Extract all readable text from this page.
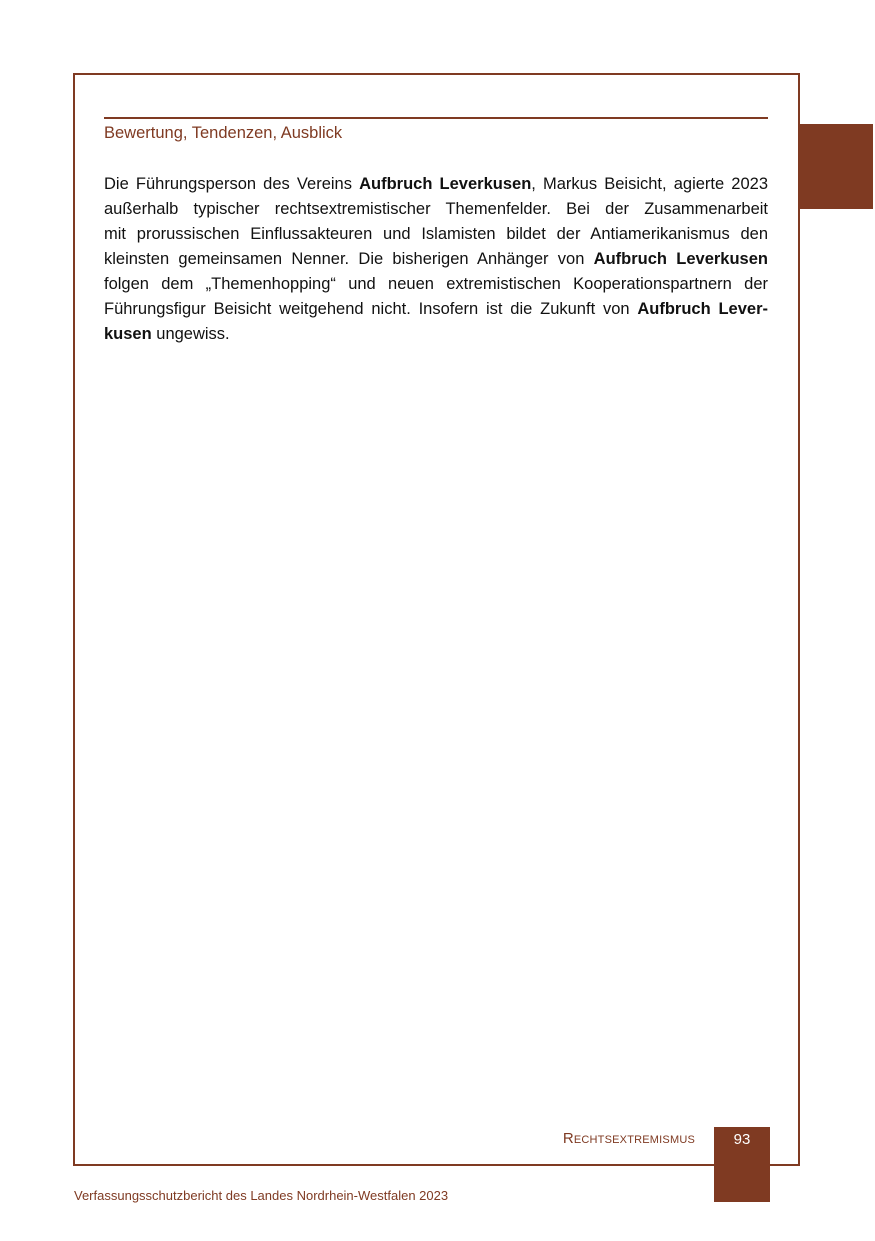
Bewertung, Tendenzen, Ausblick

Die Führungsperson des Vereins Aufbruch Leverkusen, Markus Beisicht, agierte 2023
außerhalb typischer rechtsextremistischer Themenfelder. Bei der Zusammenarbeit
mit prorussischen Einflussakteuren und Islamisten bildet der Antiamerikanismus den
kleinsten gemeinsamen Nenner. Die bisherigen Anhänger von Aufbruch Leverkusen
folgen dem „Themenhopping“ und neuen extremistischen Kooperationspartnern der
Führungsfigur Beisicht weitgehend nicht. Insofern ist die Zukunft von Aufbruch Lever-
kusen ungewiss.

Rechtsextremismus	93
Verfassungsschutzbericht des Landes Nordrhein-Westfalen 2023
